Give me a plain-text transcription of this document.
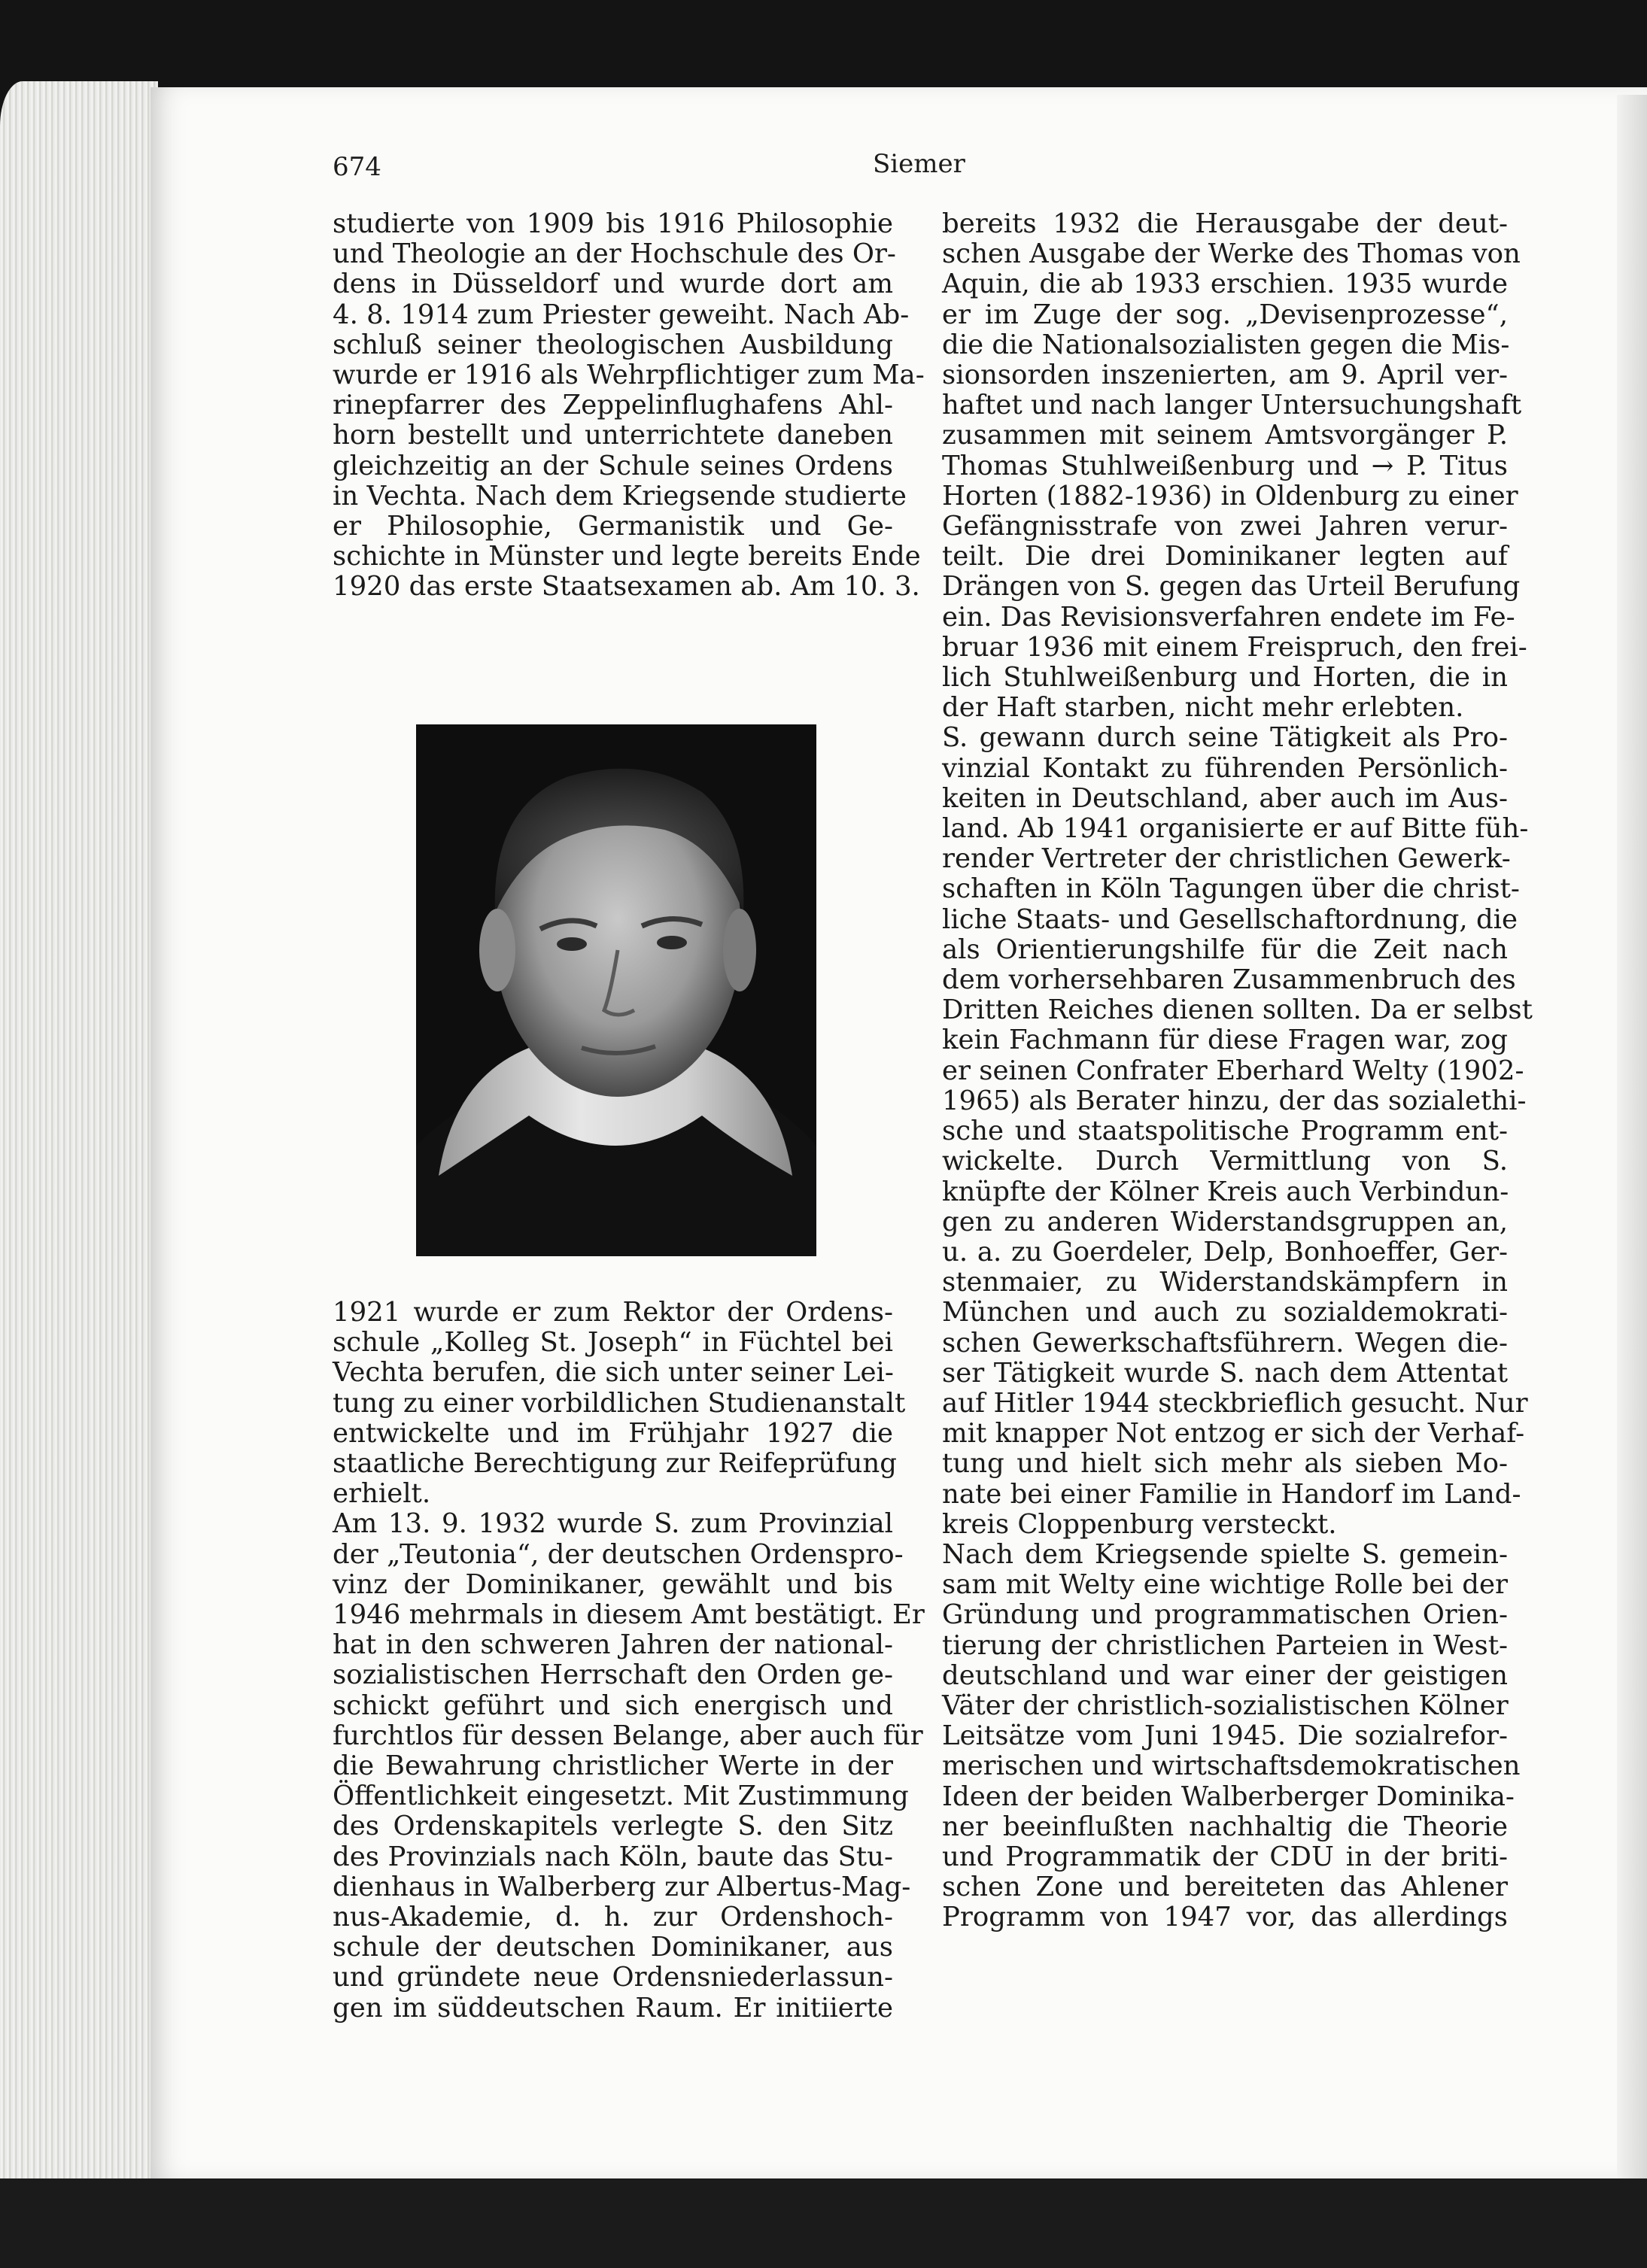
674	Siemer
studierte von 1909 bis 1916 Philosophie
und Theologie an der Hochschule des Or-
dens in Düsseldorf und wurde dort am
4. 8. 1914 zum Priester geweiht. Nach Ab-
schluß seiner theologischen Ausbildung
wurde er 1916 als Wehrpflichtiger zum Ma-
rinepfarrer des Zeppelinflughafens Ahl-
horn bestellt und unterrichtete daneben
gleichzeitig an der Schule seines Ordens
in Vechta. Nach dem Kriegsende studierte
er Philosophie, Germanistik und Ge-
schichte in Münster und legte bereits Ende
1920 das erste Staatsexamen ab. Am 10. 3.
1921 wurde er zum Rektor der Ordens-
schule „Kolleg St. Joseph“ in Füchtel bei
Vechta berufen, die sich unter seiner Lei-
tung zu einer vorbildlichen Studienanstalt
entwickelte und im Frühjahr 1927 die
staatliche Berechtigung zur Reifeprüfung
erhielt.
Am 13. 9. 1932 wurde S. zum Provinzial
der „Teutonia“, der deutschen Ordenspro-
vinz der Dominikaner, gewählt und bis
1946 mehrmals in diesem Amt bestätigt. Er
hat in den schweren Jahren der national-
sozialistischen Herrschaft den Orden ge-
schickt geführt und sich energisch und
furchtlos für dessen Belange, aber auch für
die Bewahrung christlicher Werte in der
Öffentlichkeit eingesetzt. Mit Zustimmung
des Ordenskapitels verlegte S. den Sitz
des Provinzials nach Köln, baute das Stu-
dienhaus in Walberberg zur Albertus-Mag-
nus-Akademie, d. h. zur Ordenshoch-
schule der deutschen Dominikaner, aus
und gründete neue Ordensniederlassun-
gen im süddeutschen Raum. Er initiierte
bereits 1932 die Herausgabe der deut-
schen Ausgabe der Werke des Thomas von
Aquin, die ab 1933 erschien. 1935 wurde
er im Zuge der sog. „Devisenprozesse“,
die die Nationalsozialisten gegen die Mis-
sionsorden inszenierten, am 9. April ver-
haftet und nach langer Untersuchungshaft
zusammen mit seinem Amtsvorgänger P.
Thomas Stuhlweißenburg und → P. Titus
Horten (1882-1936) in Oldenburg zu einer
Gefängnisstrafe von zwei Jahren verur-
teilt. Die drei Dominikaner legten auf
Drängen von S. gegen das Urteil Berufung
ein. Das Revisionsverfahren endete im Fe-
bruar 1936 mit einem Freispruch, den frei-
lich Stuhlweißenburg und Horten, die in
der Haft starben, nicht mehr erlebten.
S. gewann durch seine Tätigkeit als Pro-
vinzial Kontakt zu führenden Persönlich-
keiten in Deutschland, aber auch im Aus-
land. Ab 1941 organisierte er auf Bitte füh-
render Vertreter der christlichen Gewerk-
schaften in Köln Tagungen über die christ-
liche Staats- und Gesellschaftordnung, die
als Orientierungshilfe für die Zeit nach
dem vorhersehbaren Zusammenbruch des
Dritten Reiches dienen sollten. Da er selbst
kein Fachmann für diese Fragen war, zog
er seinen Confrater Eberhard Welty (1902-
1965) als Berater hinzu, der das sozialethi-
sche und staatspolitische Programm ent-
wickelte. Durch Vermittlung von S.
knüpfte der Kölner Kreis auch Verbindun-
gen zu anderen Widerstandsgruppen an,
u. a. zu Goerdeler, Delp, Bonhoeffer, Ger-
stenmaier, zu Widerstandskämpfern in
München und auch zu sozialdemokrati-
schen Gewerkschaftsführern. Wegen die-
ser Tätigkeit wurde S. nach dem Attentat
auf Hitler 1944 steckbrieflich gesucht. Nur
mit knapper Not entzog er sich der Verhaf-
tung und hielt sich mehr als sieben Mo-
nate bei einer Familie in Handorf im Land-
kreis Cloppenburg versteckt.
Nach dem Kriegsende spielte S. gemein-
sam mit Welty eine wichtige Rolle bei der
Gründung und programmatischen Orien-
tierung der christlichen Parteien in West-
deutschland und war einer der geistigen
Väter der christlich-sozialistischen Kölner
Leitsätze vom Juni 1945. Die sozialrefor-
merischen und wirtschaftsdemokratischen
Ideen der beiden Walberberger Dominika-
ner beeinflußten nachhaltig die Theorie
und Programmatik der CDU in der briti-
schen Zone und bereiteten das Ahlener
Programm von 1947 vor, das allerdings
